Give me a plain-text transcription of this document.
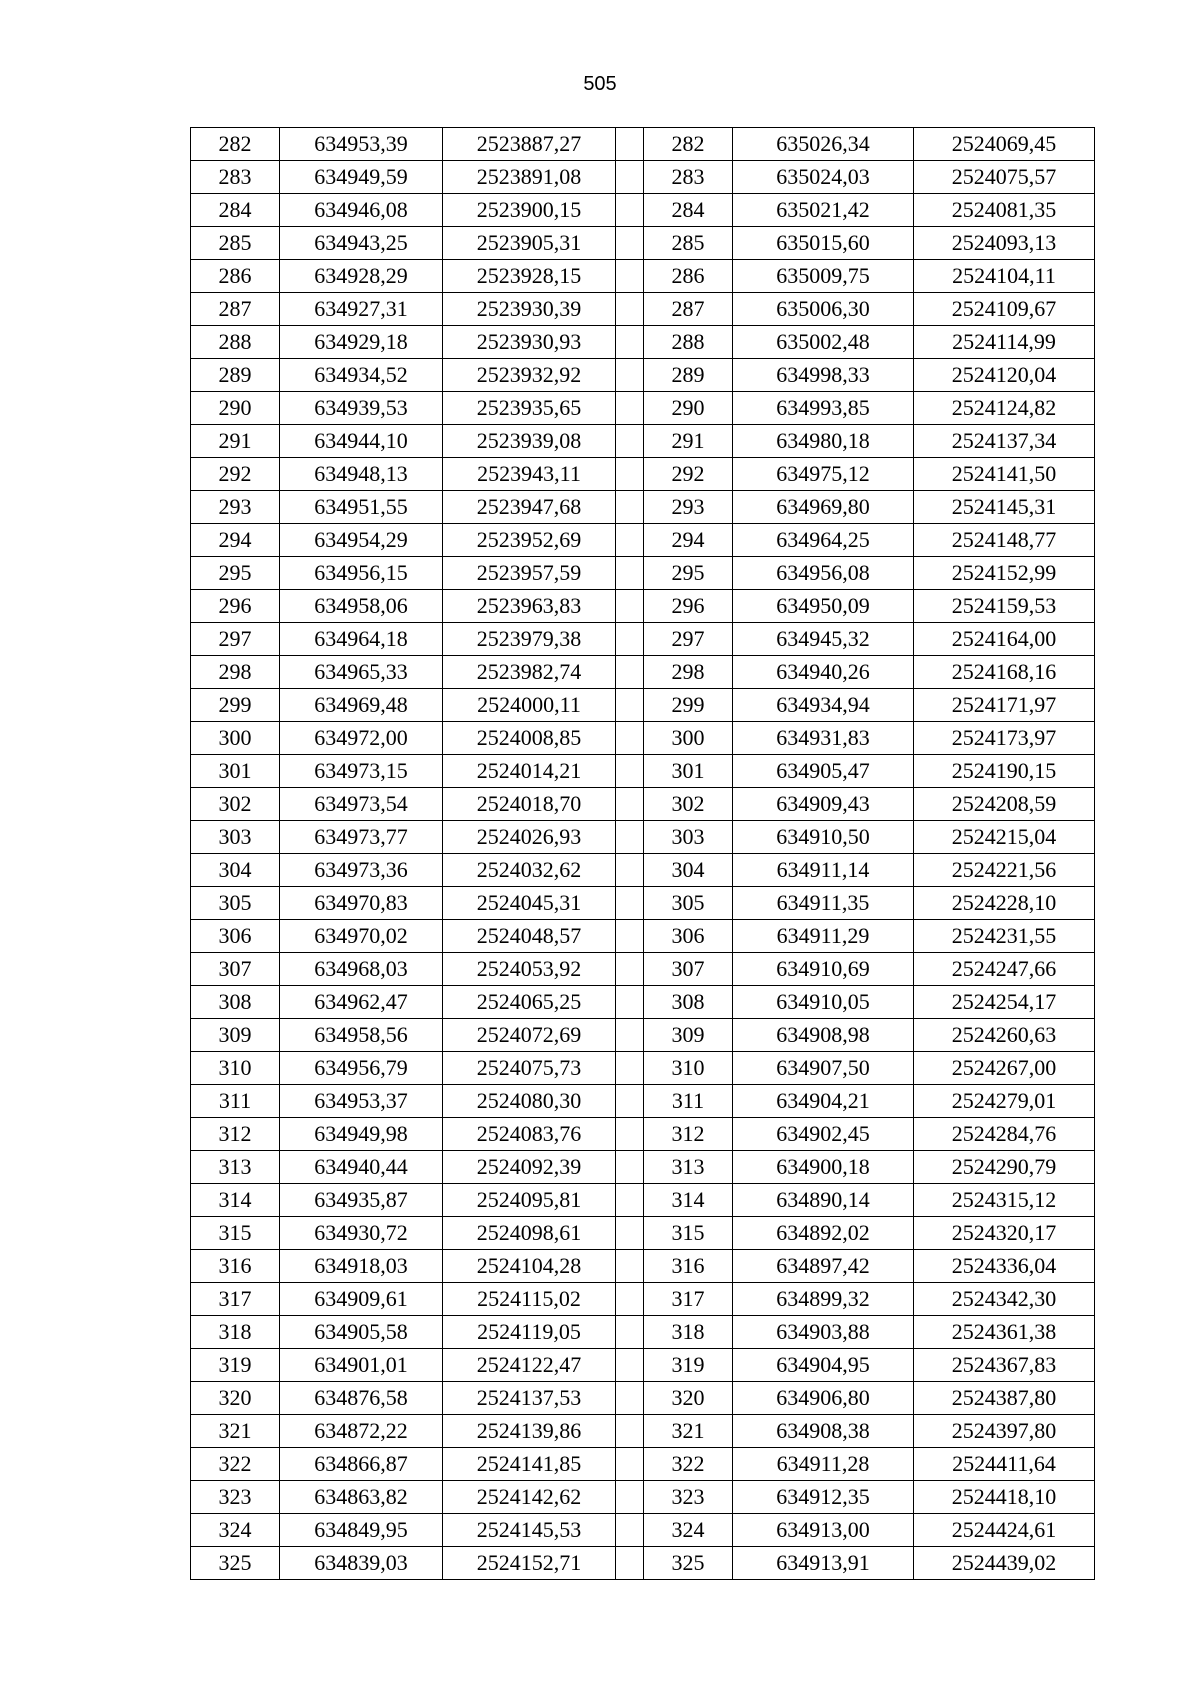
505
282	634953,39	2523887,27		282	635026,34	2524069,45
283	634949,59	2523891,08		283	635024,03	2524075,57
284	634946,08	2523900,15		284	635021,42	2524081,35
285	634943,25	2523905,31		285	635015,60	2524093,13
286	634928,29	2523928,15		286	635009,75	2524104,11
287	634927,31	2523930,39		287	635006,30	2524109,67
288	634929,18	2523930,93		288	635002,48	2524114,99
289	634934,52	2523932,92		289	634998,33	2524120,04
290	634939,53	2523935,65		290	634993,85	2524124,82
291	634944,10	2523939,08		291	634980,18	2524137,34
292	634948,13	2523943,11		292	634975,12	2524141,50
293	634951,55	2523947,68		293	634969,80	2524145,31
294	634954,29	2523952,69		294	634964,25	2524148,77
295	634956,15	2523957,59		295	634956,08	2524152,99
296	634958,06	2523963,83		296	634950,09	2524159,53
297	634964,18	2523979,38		297	634945,32	2524164,00
298	634965,33	2523982,74		298	634940,26	2524168,16
299	634969,48	2524000,11		299	634934,94	2524171,97
300	634972,00	2524008,85		300	634931,83	2524173,97
301	634973,15	2524014,21		301	634905,47	2524190,15
302	634973,54	2524018,70		302	634909,43	2524208,59
303	634973,77	2524026,93		303	634910,50	2524215,04
304	634973,36	2524032,62		304	634911,14	2524221,56
305	634970,83	2524045,31		305	634911,35	2524228,10
306	634970,02	2524048,57		306	634911,29	2524231,55
307	634968,03	2524053,92		307	634910,69	2524247,66
308	634962,47	2524065,25		308	634910,05	2524254,17
309	634958,56	2524072,69		309	634908,98	2524260,63
310	634956,79	2524075,73		310	634907,50	2524267,00
311	634953,37	2524080,30		311	634904,21	2524279,01
312	634949,98	2524083,76		312	634902,45	2524284,76
313	634940,44	2524092,39		313	634900,18	2524290,79
314	634935,87	2524095,81		314	634890,14	2524315,12
315	634930,72	2524098,61		315	634892,02	2524320,17
316	634918,03	2524104,28		316	634897,42	2524336,04
317	634909,61	2524115,02		317	634899,32	2524342,30
318	634905,58	2524119,05		318	634903,88	2524361,38
319	634901,01	2524122,47		319	634904,95	2524367,83
320	634876,58	2524137,53		320	634906,80	2524387,80
321	634872,22	2524139,86		321	634908,38	2524397,80
322	634866,87	2524141,85		322	634911,28	2524411,64
323	634863,82	2524142,62		323	634912,35	2524418,10
324	634849,95	2524145,53		324	634913,00	2524424,61
325	634839,03	2524152,71		325	634913,91	2524439,02
